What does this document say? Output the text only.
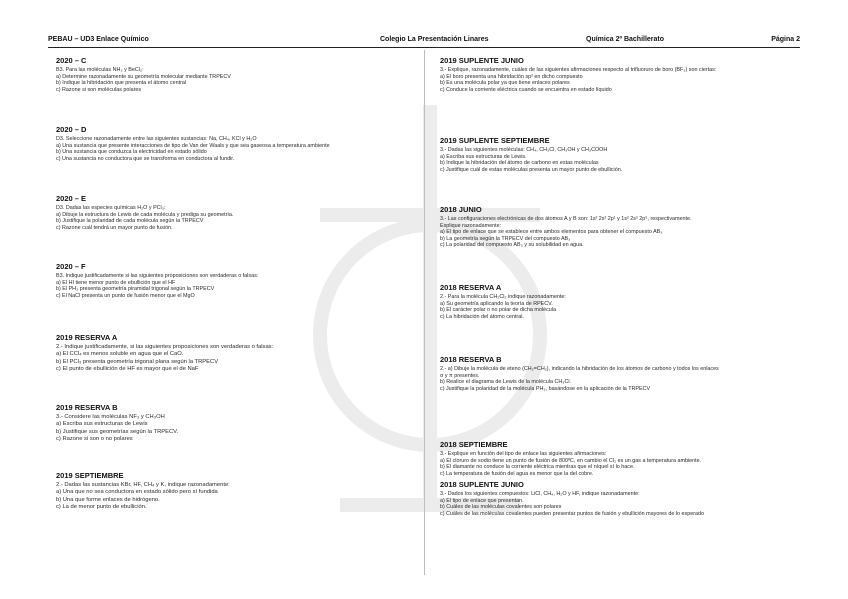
PEBAU – UD3 Enlace Químico	Colegio La Presentación Linares	Química 2º Bachillerato	Página 2
2020 – C

B3. Para las moléculas NH₃ y BeCl₂:

a) Determine razonadamente su geometría molecular mediante TRPECV

b) Indique la hibridación que presenta el átomo central

c) Razone si son moléculas polares

2020 – D

D3. Seleccione razonadamente entre las siguientes sustancias: Na, CH₄, KCl y H₂O

a) Una sustancia que presente interacciones de tipo de Van der Waals y que sea gaseosa a temperatura ambiente

b) Una sustancia que conduzca la electricidad en estado sólido

c) Una sustancia no conductora que se transforma en conductora al fundir.

2020 – E

D3. Dadas las especies químicas H₂O y PCl₃:

a) Dibuje la estructura de Lewis de cada molécula y prediga su geometría.

b) Justifique la polaridad de cada molécula según la TRPECV

c) Razone cuál tendrá un mayor punto de fusión.

2020 – F

B3. Indique justificadamente si las siguientes proposiciones son verdaderas o falsas:

a) El HI tiene menor punto de ebullición que el HF

b) El PH₃ presenta geometría piramidal trigonal según la TRPECV

c) El NaCl presenta un punto de fusión menor que el MgO

2019 RESERVA A

2.- Indique justificadamente, si las siguientes proposiciones son verdaderas o falsas:

a) El CCl₄ es menos soluble en agua que el CaO.

b) El PCl₃ presenta geometría trigonal plana según la TRPECV

c) El punto de ebullición de HF es mayor que el de NaF

2019 RESERVA B

3.- Considere las moléculas NF₃ y CH₃OH

a) Escriba sus estructuras de Lewis

b) Justifique sus geometrías según la TRPECV.

c) Razone si son o no polares

2019 SEPTIEMBRE

2.- Dadas las sustancias KBr, HF, CH₄ y K, indique razonadamente:

a) Una que no sea conductora en estado sólido pero sí fundida

b) Una que forme enlaces de hidrógeno.

c) La de menor punto de ebullición.

2019 SUPLENTE JUNIO

3.- Explique, razonadamente, cuáles de las siguientes afirmaciones respecto al trifluoruro de boro (BF₃) son ciertas:

a) El boro presenta una hibridación sp² en dicho compuesto

b) Es una molécula polar ya que tiene enlaces polares

c) Conduce la corriente eléctrica cuando se encuentra en estado líquido

2019 SUPLENTE SEPTIEMBRE

3.- Dadas las siguientes moléculas: CH₄, CH₃Cl, CH₃OH y CH₃COOH

a) Escriba sus estructuras de Lewis.

b) Indique la hibridación del átomo de carbono en estas moléculas

c) Justifique cuál de estas moléculas presenta un mayor punto de ebullición.

2018 JUNIO

3.- Las configuraciones electrónicas de dos átomos A y B son: 1s² 2s² 2p¹ y 1s² 2s² 2p⁵, respectivamente.

Explique razonadamente:

a) El tipo de enlace que se establece entre ambos elementos para obtener el compuesto AB₃

b) La geometría según la TRPECV del compuesto AB₃

c) La polaridad del compuesto AB₃ y su solubilidad en agua.

2018 RESERVA A

2.- Para la molécula CH₂Cl₂ indique razonadamente:

a) Su geometría aplicando la teoría de RPECV.

b) El carácter polar o no polar de dicha molécula

c) La hibridación del átomo central.

2018 RESERVA B

2.- a) Dibuje la molécula de eteno (CH₂=CH₂), indicando la hibridación de los átomos de carbono y todos los enlaces

σ y π presentes.

b) Realice el diagrama de Lewis de la molécula CH₃Cl.

c) Justifique la polaridad de la molécula PH₃, basándose en la aplicación de la TRPECV

2018 SEPTIEMBRE

3.- Explique en función del tipo de enlace las siguientes afirmaciones:

a) El cloruro de sodio tiene un punto de fusión de 800ºC, en cambio el Cl₂ es un gas a temperatura ambiente.

b) El diamante no conduce la corriente eléctrica mientras que el níquel sí lo hace.

c) La temperatura de fusión del agua es menor que la del cobre.

2018 SUPLENTE JUNIO

3.- Dados los siguientes compuestos: LiCl, CH₄, H₂O y HF, indique razonadamente:

a) El tipo de enlace que presentan.

b) Cuáles de las moléculas covalentes son polares

c) Cuáles de las moléculas covalentes pueden presentar puntos de fusión y ebullición mayores de lo esperado
